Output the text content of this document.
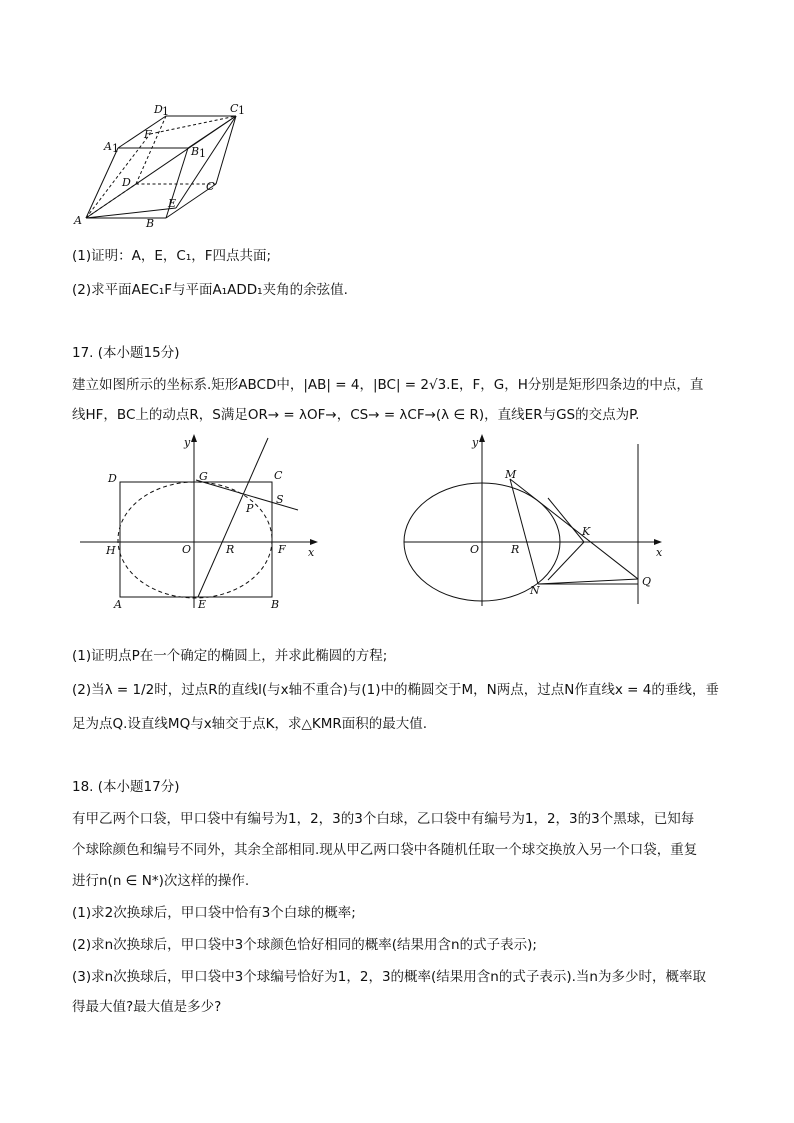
D 1	C 1
A 1	B 1
F
D	C
A	B
E
(1)证明：A，E，C₁，F四点共面;
(2)求平面AEC₁F与平面A₁ADD₁夹角的余弦值.
17. (本小题15分)
建立如图所示的坐标系.矩形ABCD中，|AB| = 4，|BC| = 2√3.E，F，G，H分别是矩形四条边的中点，直
线HF，BC上的动点R，S满足OR→ = λOF→，CS→ = λCF→(λ ∈ R)，直线ER与GS的交点为P.
y
x
D	G	C
S
P
H	O	R	F
A	E	B
y
x
M
K
O	R
N
Q
(1)证明点P在一个确定的椭圆上，并求此椭圆的方程;
(2)当λ = 1/2时，过点R的直线l(与x轴不重合)与(1)中的椭圆交于M，N两点，过点N作直线x = 4的垂线，垂
足为点Q.设直线MQ与x轴交于点K，求△KMR面积的最大值.
18. (本小题17分)
有甲乙两个口袋，甲口袋中有编号为1，2，3的3个白球，乙口袋中有编号为1，2，3的3个黑球，已知每
个球除颜色和编号不同外，其余全部相同.现从甲乙两口袋中各随机任取一个球交换放入另一个口袋，重复
进行n(n ∈ N*)次这样的操作.
(1)求2次换球后，甲口袋中恰有3个白球的概率;
(2)求n次换球后，甲口袋中3个球颜色恰好相同的概率(结果用含n的式子表示);
(3)求n次换球后，甲口袋中3个球编号恰好为1，2，3的概率(结果用含n的式子表示).当n为多少时，概率取
得最大值?最大值是多少?
